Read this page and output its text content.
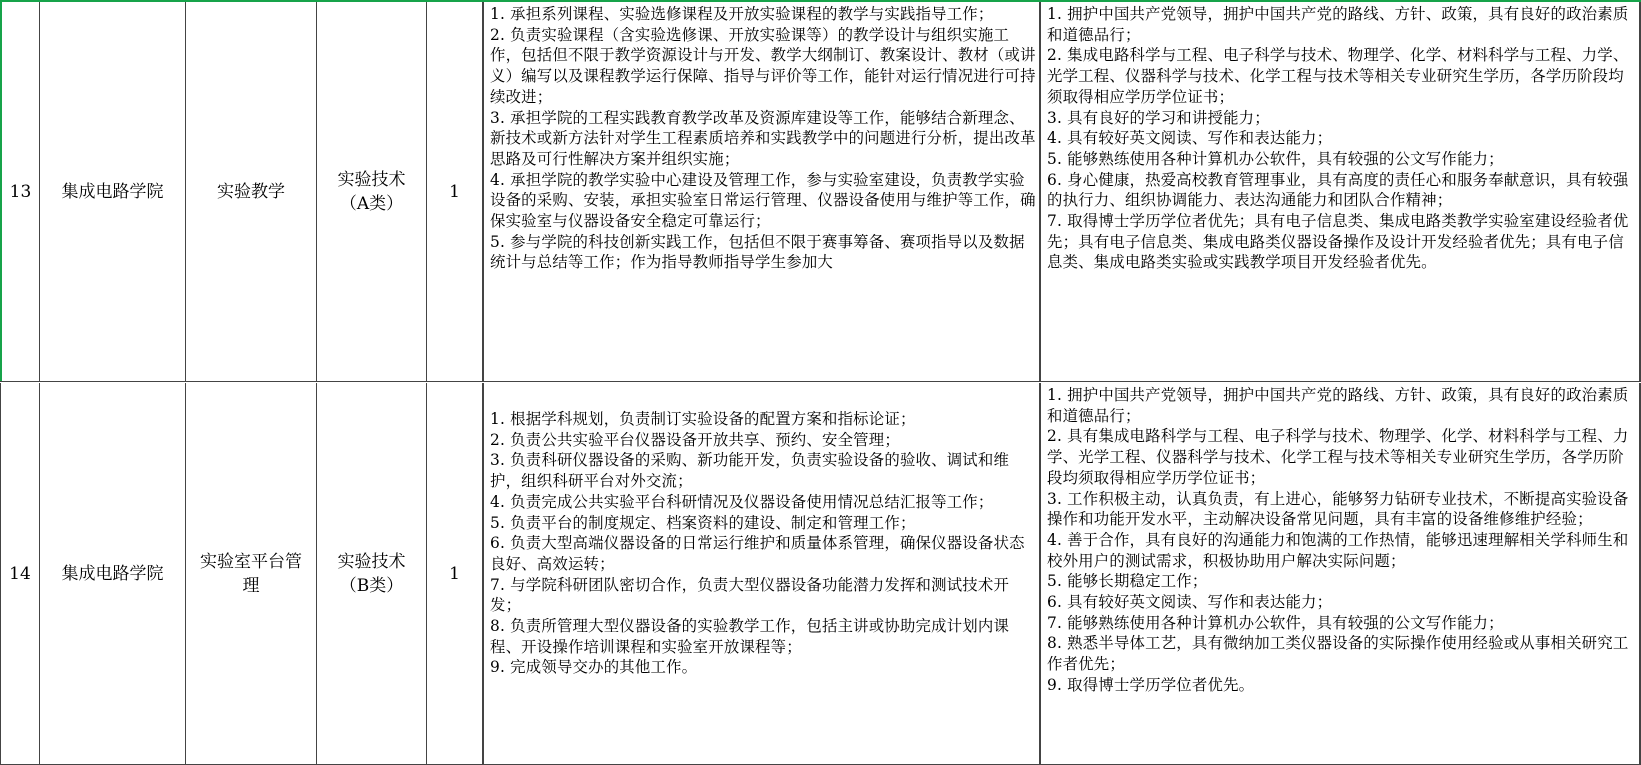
13 集成电路学院	实验教学
实验技术
（A类）
1
1. 承担系列课程、实验选修课程及开放实验课程的教学与实践指导工作；
2. 负责实验课程（含实验选修课、开放实验课等）的教学设计与组织实施工作，包括但不限于教学资源设计与开发、教学大纲制订、教案设计、教材（或讲义）编写以及课程教学运行保障、指导与评价等工作，能针对运行情况进行可持续改进；
3. 承担学院的工程实践教育教学改革及资源库建设等工作，能够结合新理念、新技术或新方法针对学生工程素质培养和实践教学中的问题进行分析，提出改革思路及可行性解决方案并组织实施；
4. 承担学院的教学实验中心建设及管理工作，参与实验室建设，负责教学实验设备的采购、安装，承担实验室日常运行管理、仪器设备使用与维护等工作，确保实验室与仪器设备安全稳定可靠运行；
5. 参与学院的科技创新实践工作，包括但不限于赛事筹备、赛项指导以及数据统计与总结等工作；作为指导教师指导学生参加大
1. 拥护中国共产党领导，拥护中国共产党的路线、方针、政策，具有良好的政治素质和道德品行；
2. 集成电路科学与工程、电子科学与技术、物理学、化学、材料科学与工程、力学、光学工程、仪器科学与技术、化学工程与技术等相关专业研究生学历，各学历阶段均须取得相应学历学位证书；
3. 具有良好的学习和讲授能力；
4. 具有较好英文阅读、写作和表达能力；
5. 能够熟练使用各种计算机办公软件，具有较强的公文写作能力；
6. 身心健康，热爱高校教育管理事业，具有高度的责任心和服务奉献意识，具有较强的执行力、组织协调能力、表达沟通能力和团队合作精神；
7. 取得博士学历学位者优先；具有电子信息类、集成电路类教学实验室建设经验者优先；具有电子信息类、集成电路类仪器设备操作及设计开发经验者优先；具有电子信息类、集成电路类实验或实践教学项目开发经验者优先。
14 集成电路学院
实验室平台管
理
实验技术
（B类）
1
1. 根据学科规划，负责制订实验设备的配置方案和指标论证；
2. 负责公共实验平台仪器设备开放共享、预约、安全管理；
3. 负责科研仪器设备的采购、新功能开发，负责实验设备的验收、调试和维护，组织科研平台对外交流；
4. 负责完成公共实验平台科研情况及仪器设备使用情况总结汇报等工作；
5. 负责平台的制度规定、档案资料的建设、制定和管理工作；
6. 负责大型高端仪器设备的日常运行维护和质量体系管理，确保仪器设备状态良好、高效运转；
7. 与学院科研团队密切合作，负责大型仪器设备功能潜力发挥和测试技术开发；
8. 负责所管理大型仪器设备的实验教学工作，包括主讲或协助完成计划内课程、开设操作培训课程和实验室开放课程等；
9. 完成领导交办的其他工作。
1. 拥护中国共产党领导，拥护中国共产党的路线、方针、政策，具有良好的政治素质和道德品行；
2. 具有集成电路科学与工程、电子科学与技术、物理学、化学、材料科学与工程、力学、光学工程、仪器科学与技术、化学工程与技术等相关专业研究生学历，各学历阶段均须取得相应学历学位证书；
3. 工作积极主动，认真负责，有上进心，能够努力钻研专业技术，不断提高实验设备操作和功能开发水平，主动解决设备常见问题，具有丰富的设备维修维护经验；
4. 善于合作，具有良好的沟通能力和饱满的工作热情，能够迅速理解相关学科师生和校外用户的测试需求，积极协助用户解决实际问题；
5. 能够长期稳定工作；
6. 具有较好英文阅读、写作和表达能力；
7. 能够熟练使用各种计算机办公软件，具有较强的公文写作能力；
8. 熟悉半导体工艺，具有微纳加工类仪器设备的实际操作使用经验或从事相关研究工作者优先；
9. 取得博士学历学位者优先。
